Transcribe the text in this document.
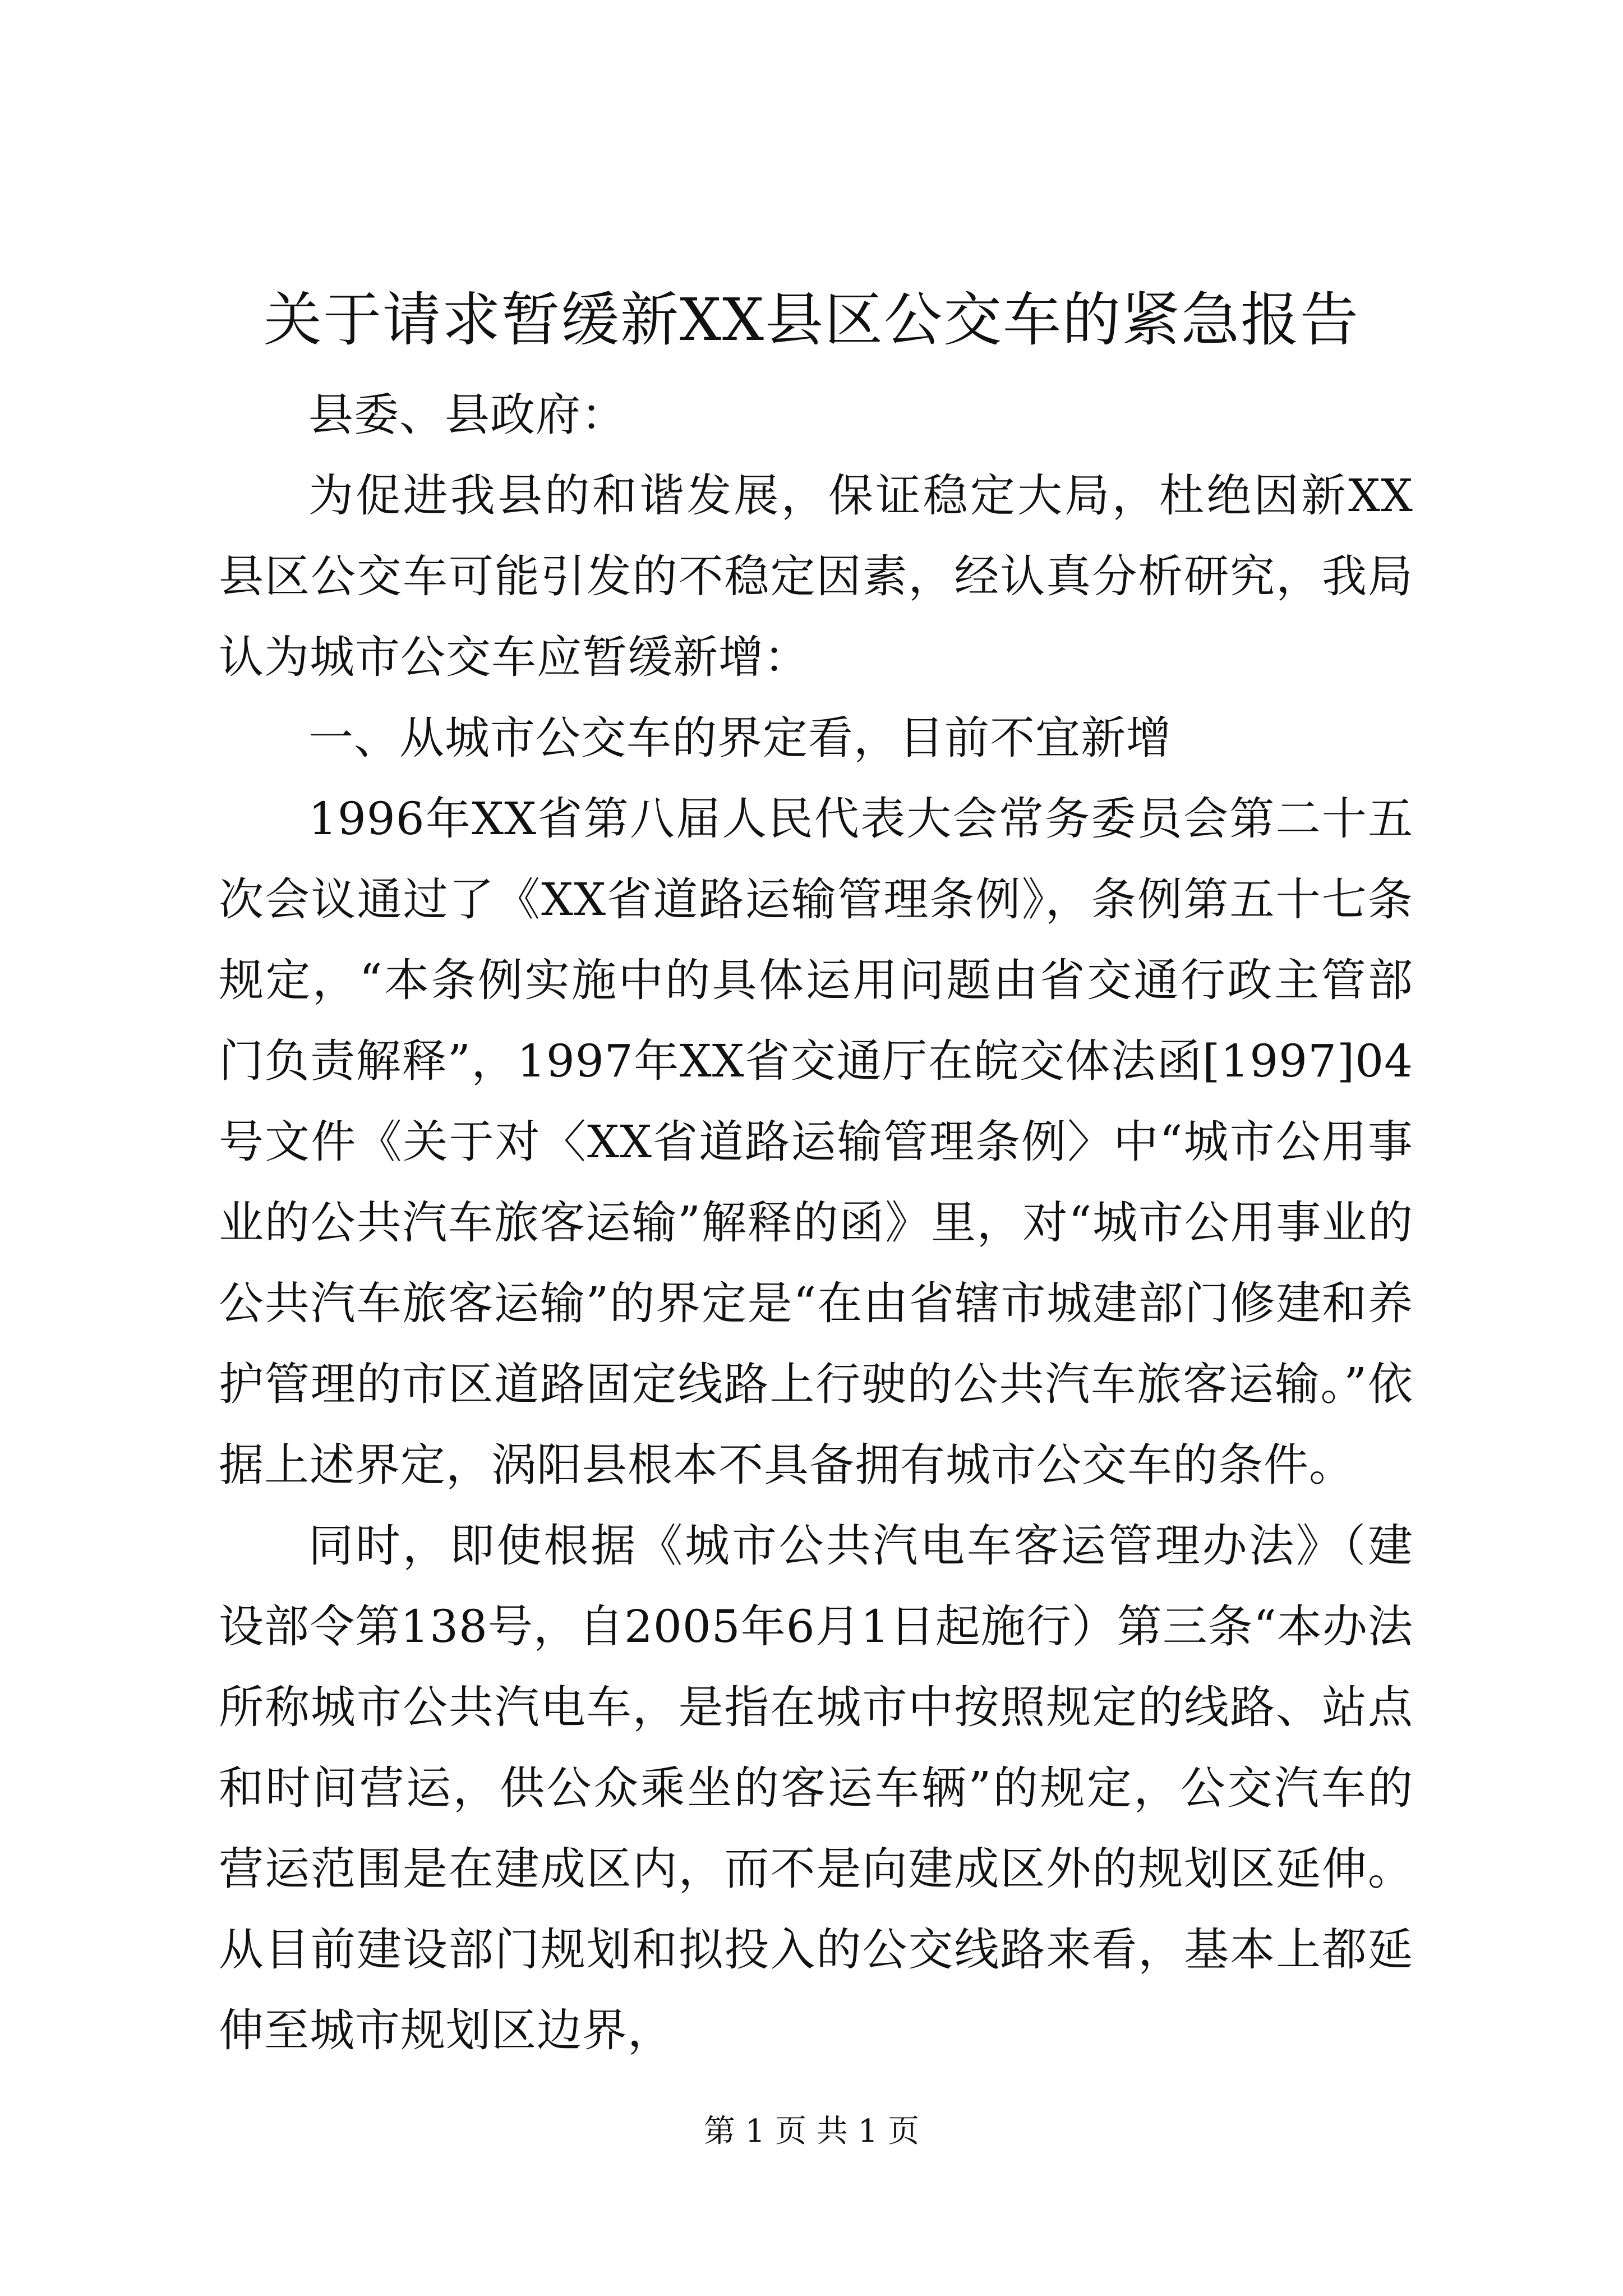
关于请求暂缓新XX县区公交车的紧急报告

县委、县政府：

为促进我县的和谐发展，保证稳定大局，杜绝因新XX县区公交车可能引发的不稳定因素，经认真分析研究，我局认为城市公交车应暂缓新增：

一、从城市公交车的界定看，目前不宜新增

1996年XX省第八届人民代表大会常务委员会第二十五次会议通过了《XX省道路运输管理条例》，条例第五十七条规定，“本条例实施中的具体运用问题由省交通行政主管部门负责解释”，1997年XX省交通厅在皖交体法函[1997]04号文件《关于对〈XX省道路运输管理条例〉中“城市公用事业的公共汽车旅客运输”解释的函》里，对“城市公用事业的公共汽车旅客运输”的界定是“在由省辖市城建部门修建和养护管理的市区道路固定线路上行驶的公共汽车旅客运输。”依据上述界定，涡阳县根本不具备拥有城市公交车的条件。

同时，即使根据《城市公共汽电车客运管理办法》（建设部令第138号，自2005年6月1日起施行）第三条“本办法所称城市公共汽电车，是指在城市中按照规定的线路、站点和时间营运，供公众乘坐的客运车辆”的规定，公交汽车的营运范围是在建成区内，而不是向建成区外的规划区延伸。从目前建设部门规划和拟投入的公交线路来看，基本上都延伸至城市规划区边界，

第 1 页 共 1 页
